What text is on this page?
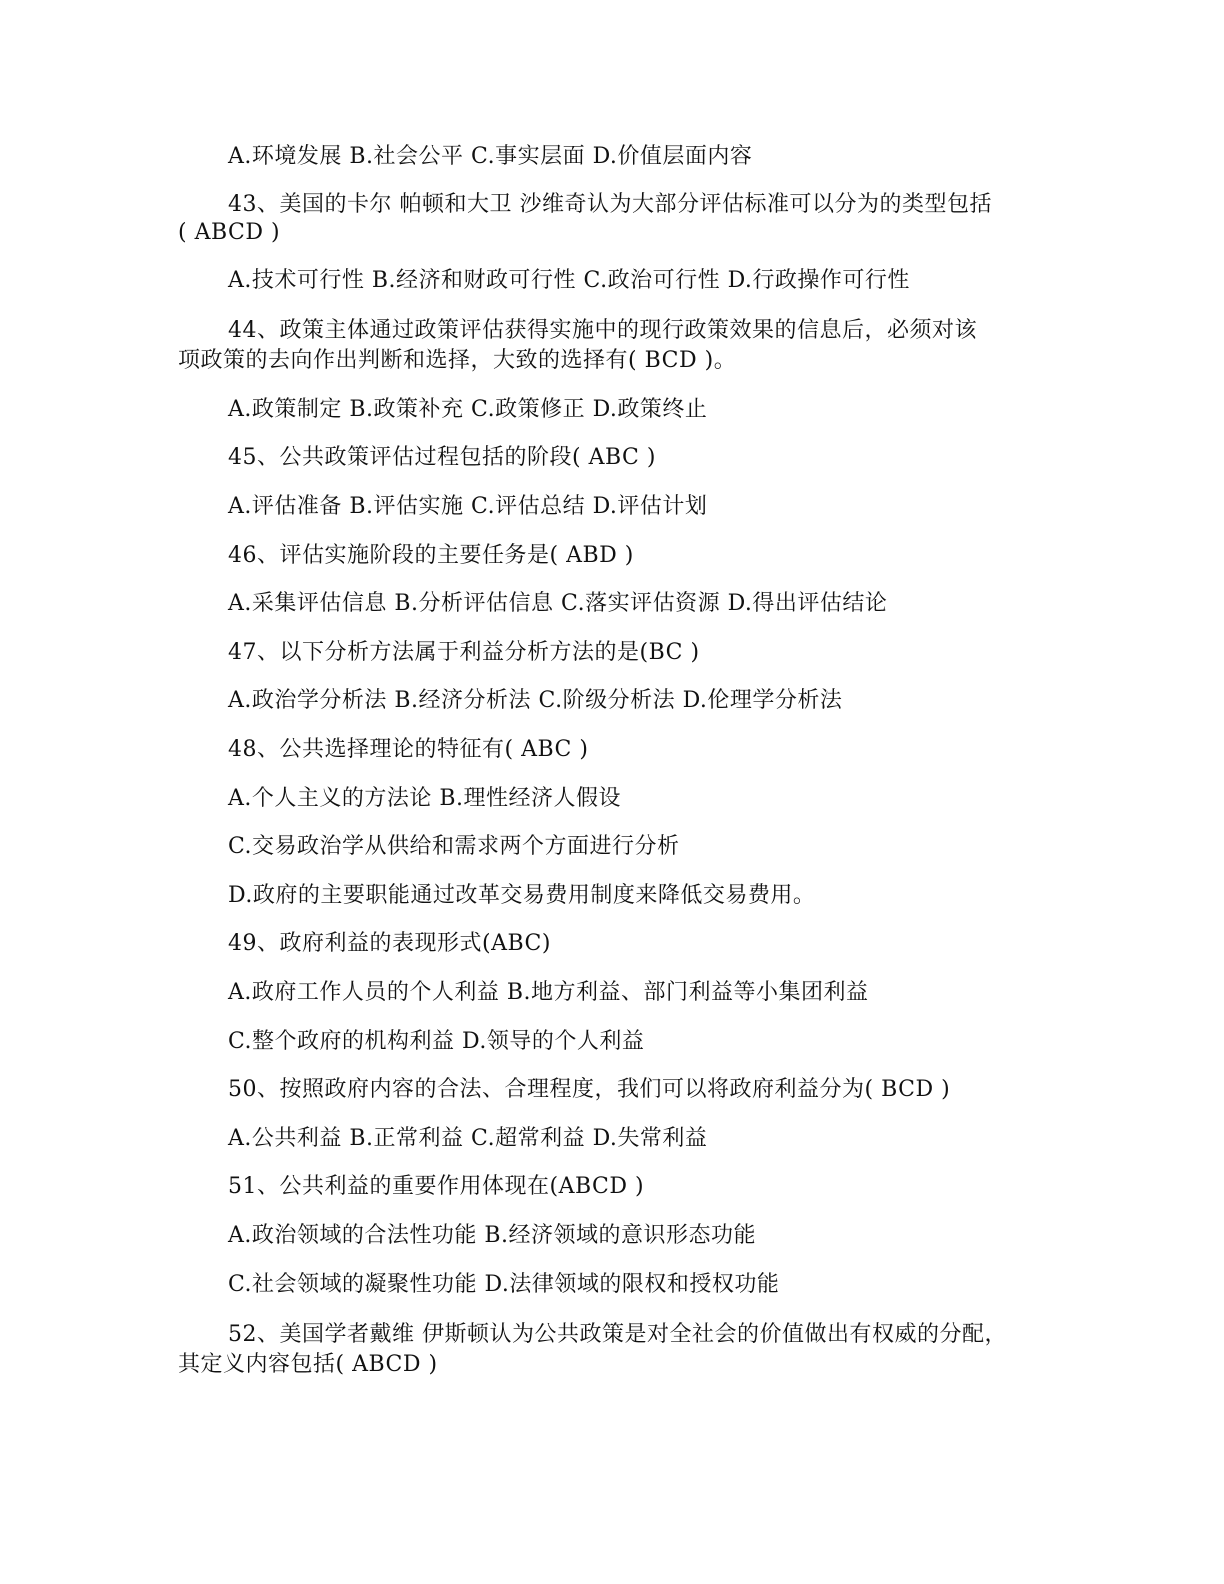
A.环境发展 B.社会公平 C.事实层面 D.价值层面内容
43、美国的卡尔 帕顿和大卫 沙维奇认为大部分评估标准可以分为的类型包括
( ABCD )
A.技术可行性 B.经济和财政可行性 C.政治可行性 D.行政操作可行性
44、政策主体通过政策评估获得实施中的现行政策效果的信息后，必须对该
项政策的去向作出判断和选择，大致的选择有( BCD )。
A.政策制定 B.政策补充 C.政策修正 D.政策终止
45、公共政策评估过程包括的阶段( ABC )
A.评估准备 B.评估实施 C.评估总结 D.评估计划
46、评估实施阶段的主要任务是( ABD )
A.采集评估信息 B.分析评估信息 C.落实评估资源 D.得出评估结论
47、以下分析方法属于利益分析方法的是(BC )
A.政治学分析法 B.经济分析法 C.阶级分析法 D.伦理学分析法
48、公共选择理论的特征有( ABC )
A.个人主义的方法论 B.理性经济人假设
C.交易政治学从供给和需求两个方面进行分析
D.政府的主要职能通过改革交易费用制度来降低交易费用。
49、政府利益的表现形式(ABC)
A.政府工作人员的个人利益 B.地方利益、部门利益等小集团利益
C.整个政府的机构利益 D.领导的个人利益
50、按照政府内容的合法、合理程度，我们可以将政府利益分为( BCD )
A.公共利益 B.正常利益 C.超常利益 D.失常利益
51、公共利益的重要作用体现在(ABCD )
A.政治领域的合法性功能 B.经济领域的意识形态功能
C.社会领域的凝聚性功能 D.法律领域的限权和授权功能
52、美国学者戴维 伊斯顿认为公共政策是对全社会的价值做出有权威的分配，
其定义内容包括( ABCD )
